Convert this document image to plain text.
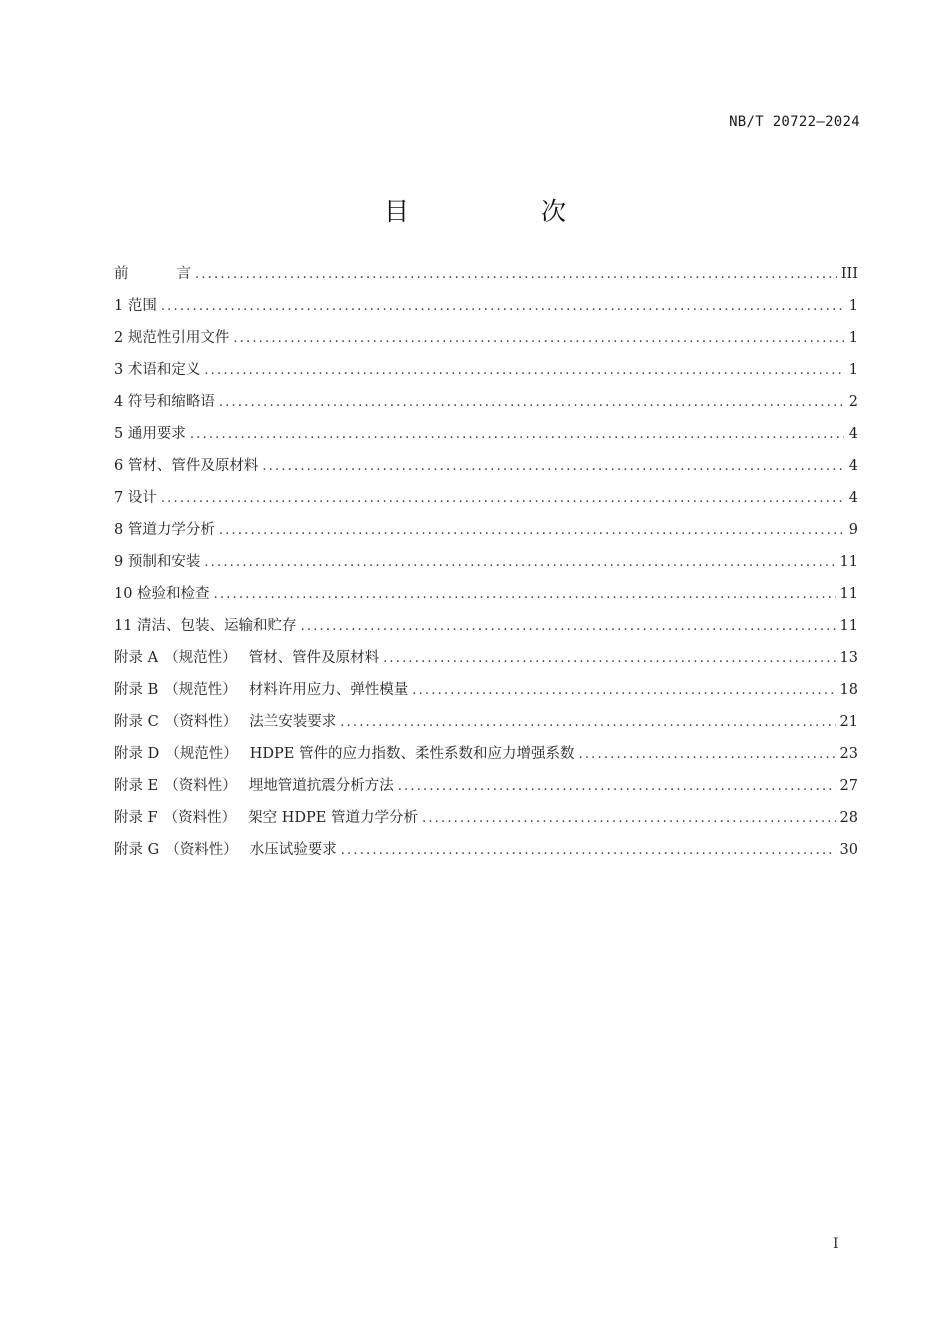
NB/T 20722—2024
目 次
前	言 .....	III
1 范围 .....	1
2 规范性引用文件 .....	1
3 术语和定义 .....	1
4 符号和缩略语 .....	2
5 通用要求 .....	4
6 管材、管件及原材料 .....	4
7 设计 .....	4
8 管道力学分析 .....	9
9 预制和安装 .....	11
10 检验和检查 .....	11
11 清洁、包装、运输和贮存 .....	11
附录 A （规范性） 管材、管件及原材料 .....	13
附录 B （规范性） 材料许用应力、弹性模量 .....	18
附录 C （资料性） 法兰安装要求 .....	21
附录 D （规范性） HDPE 管件的应力指数、柔性系数和应力增强系数 .....	23
附录 E （资料性） 埋地管道抗震分析方法 .....	27
附录 F （资料性） 架空 HDPE 管道力学分析 .....	28
附录 G （资料性） 水压试验要求 .....	30
I
